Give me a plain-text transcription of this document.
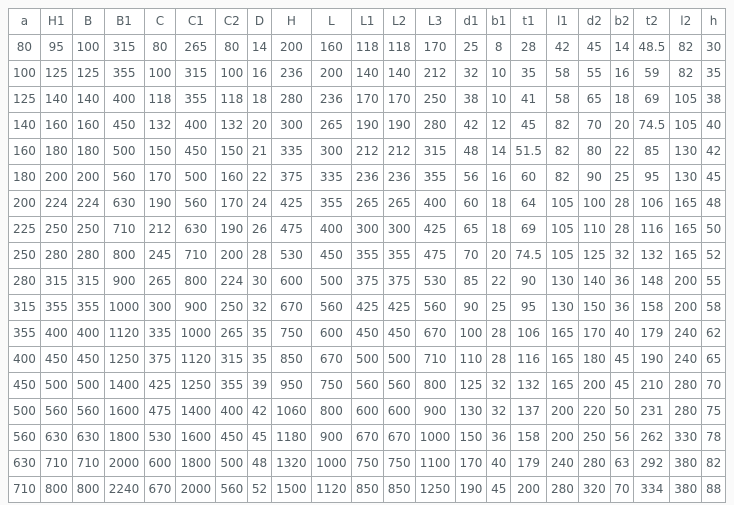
a	H1	B	B1	C	C1	C2	D	H	L	L1	L2	L3	d1	b1	t1	l1	d2	b2	t2	l2	h
80	95	100	315	80	265	80	14	200	160	118	118	170	25	8	28	42	45	14	48.5	82	30
100	125	125	355	100	315	100	16	236	200	140	140	212	32	10	35	58	55	16	59	82	35
125	140	140	400	118	355	118	18	280	236	170	170	250	38	10	41	58	65	18	69	105	38
140	160	160	450	132	400	132	20	300	265	190	190	280	42	12	45	82	70	20	74.5	105	40
160	180	180	500	150	450	150	21	335	300	212	212	315	48	14	51.5	82	80	22	85	130	42
180	200	200	560	170	500	160	22	375	335	236	236	355	56	16	60	82	90	25	95	130	45
200	224	224	630	190	560	170	24	425	355	265	265	400	60	18	64	105	100	28	106	165	48
225	250	250	710	212	630	190	26	475	400	300	300	425	65	18	69	105	110	28	116	165	50
250	280	280	800	245	710	200	28	530	450	355	355	475	70	20	74.5	105	125	32	132	165	52
280	315	315	900	265	800	224	30	600	500	375	375	530	85	22	90	130	140	36	148	200	55
315	355	355	1000	300	900	250	32	670	560	425	425	560	90	25	95	130	150	36	158	200	58
355	400	400	1120	335	1000	265	35	750	600	450	450	670	100	28	106	165	170	40	179	240	62
400	450	450	1250	375	1120	315	35	850	670	500	500	710	110	28	116	165	180	45	190	240	65
450	500	500	1400	425	1250	355	39	950	750	560	560	800	125	32	132	165	200	45	210	280	70
500	560	560	1600	475	1400	400	42	1060	800	600	600	900	130	32	137	200	220	50	231	280	75
560	630	630	1800	530	1600	450	45	1180	900	670	670	1000	150	36	158	200	250	56	262	330	78
630	710	710	2000	600	1800	500	48	1320	1000	750	750	1100	170	40	179	240	280	63	292	380	82
710	800	800	2240	670	2000	560	52	1500	1120	850	850	1250	190	45	200	280	320	70	334	380	88
